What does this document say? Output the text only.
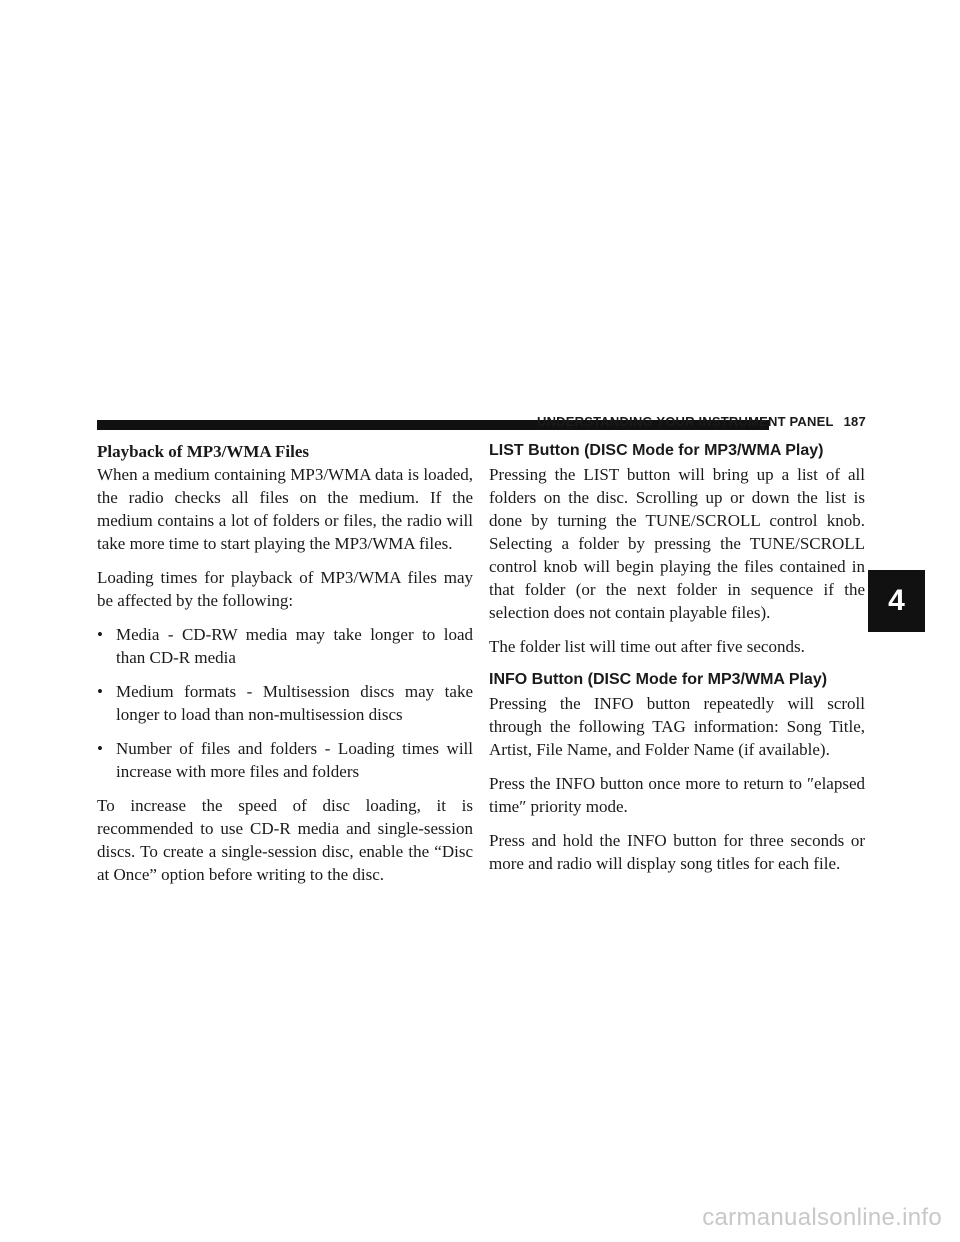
UNDERSTANDING YOUR INSTRUMENT PANEL 187
4
Playback of MP3/WMA Files

When a medium containing MP3/WMA data is loaded, the radio checks all files on the medium. If the medium contains a lot of folders or files, the radio will take more time to start playing the MP3/WMA files.

Loading times for playback of MP3/WMA files may be affected by the following:

• Media - CD-RW media may take longer to load than CD-R media
• Medium formats - Multisession discs may take longer to load than non-multisession discs
• Number of files and folders - Loading times will increase with more files and folders

To increase the speed of disc loading, it is recommended to use CD-R media and single-session discs. To create a single-session disc, enable the “Disc at Once” option before writing to the disc.

LIST Button (DISC Mode for MP3/WMA Play)

Pressing the LIST button will bring up a list of all folders on the disc. Scrolling up or down the list is done by turning the TUNE/SCROLL control knob. Selecting a folder by pressing the TUNE/SCROLL control knob will begin playing the files contained in that folder (or the next folder in sequence if the selection does not contain playable files).

The folder list will time out after five seconds.

INFO Button (DISC Mode for MP3/WMA Play)

Pressing the INFO button repeatedly will scroll through the following TAG information: Song Title, Artist, File Name, and Folder Name (if available).

Press the INFO button once more to return to ″elapsed time″ priority mode.

Press and hold the INFO button for three seconds or more and radio will display song titles for each file.

carmanualsonline.info
